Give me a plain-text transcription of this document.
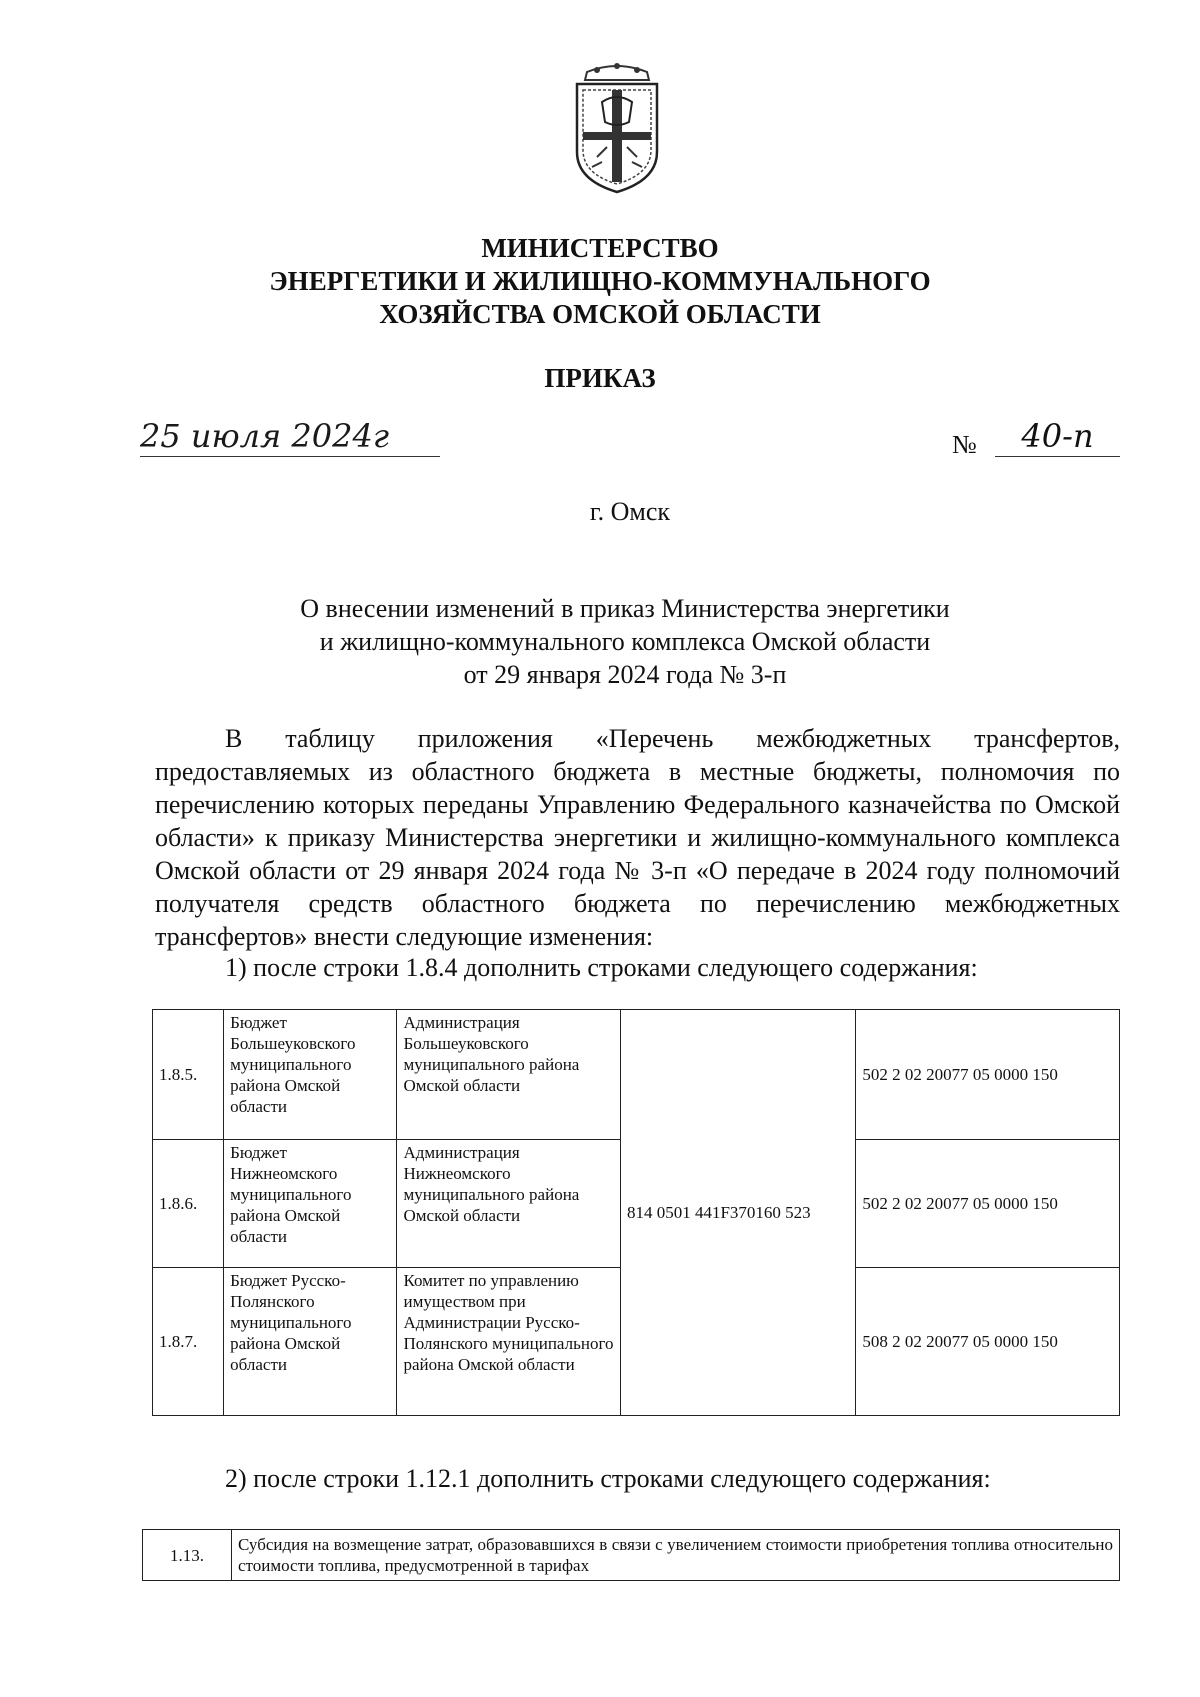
МИНИСТЕРСТВО
ЭНЕРГЕТИКИ И ЖИЛИЩНО-КОММУНАЛЬНОГО
ХОЗЯЙСТВА ОМСКОЙ ОБЛАСТИ
ПРИКАЗ
25 июля 2024г	№	40-п
г. Омск
О внесении изменений в приказ Министерства энергетики
и жилищно-коммунального комплекса Омской области
от 29 января 2024 года № 3-п
В таблицу приложения «Перечень межбюджетных трансфертов, предоставляемых из областного бюджета в местные бюджеты, полномочия по перечислению которых переданы Управлению Федерального казначейства по Омской области» к приказу Министерства энергетики и жилищно-коммунального комплекса Омской области от 29 января 2024 года № 3-п «О передаче в 2024 году полномочий получателя средств областного бюджета по перечислению межбюджетных трансфертов» внести следующие изменения:
1) после строки 1.8.4 дополнить строками следующего содержания:
1.8.5.	Бюджет Большеуковского муниципального района Омской области	Администрация Большеуковского муниципального района Омской области	814 0501 441F370160 523	502 2 02 20077 05 0000 150
1.8.6.	Бюджет Нижнеомского муниципального района Омской области	Администрация Нижнеомского муниципального района Омской области		502 2 02 20077 05 0000 150
1.8.7.	Бюджет Русско-Полянского муниципального района Омской области	Комитет по управлению имуществом при Администрации Русско-Полянского муниципального района Омской области		508 2 02 20077 05 0000 150
2) после строки 1.12.1 дополнить строками следующего содержания:
1.13.	Субсидия на возмещение затрат, образовавшихся в связи с увеличением стоимости приобретения топлива относительно стоимости топлива, предусмотренной в тарифах
